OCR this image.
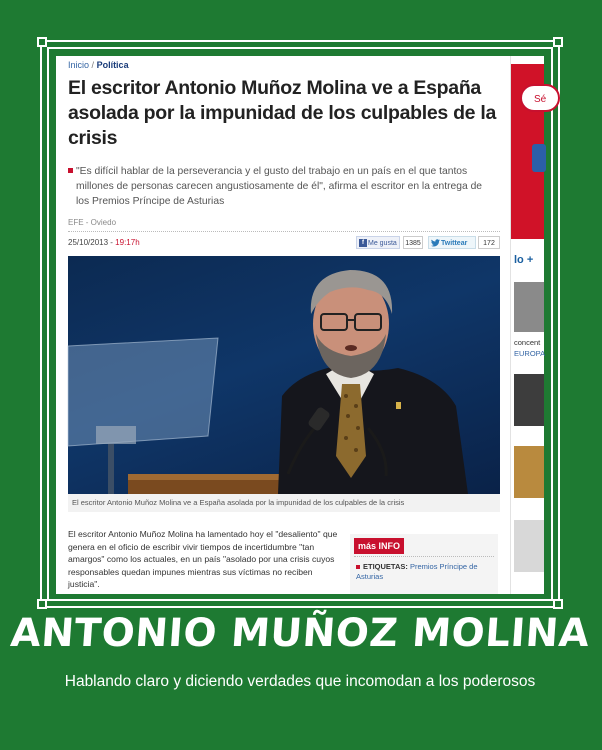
Inicio / Política
El escritor Antonio Muñoz Molina ve a España asolada por la impunidad de los culpables de la crisis
"Es difícil hablar de la perseverancia y el gusto del trabajo en un país en el que tantos millones de personas carecen angustiosamente de él", afirma el escritor en la entrega de los Premios Príncipe de Asturias
EFE - Oviedo
25/10/2013 - 19:17h	f Me gusta	1385	Twittear	172
El escritor Antonio Muñoz Molina ve a España asolada por la impunidad de los culpables de la crisis
El escritor Antonio Muñoz Molina ha lamentado hoy el "desaliento" que genera en el oficio de escribir vivir tiempos de incertidumbre "tan amargos" como los actuales, en un país "asolado por una crisis cuyos responsables quedan impunes mientras sus víctimas no reciben justicia".
más INFO
ETIQUETAS: Premios Príncipe de Asturias
Sé
lo +
concent
EUROPA
ANTONIO MUÑOZ MOLINA
Hablando claro y diciendo verdades que incomodan a los poderosos
